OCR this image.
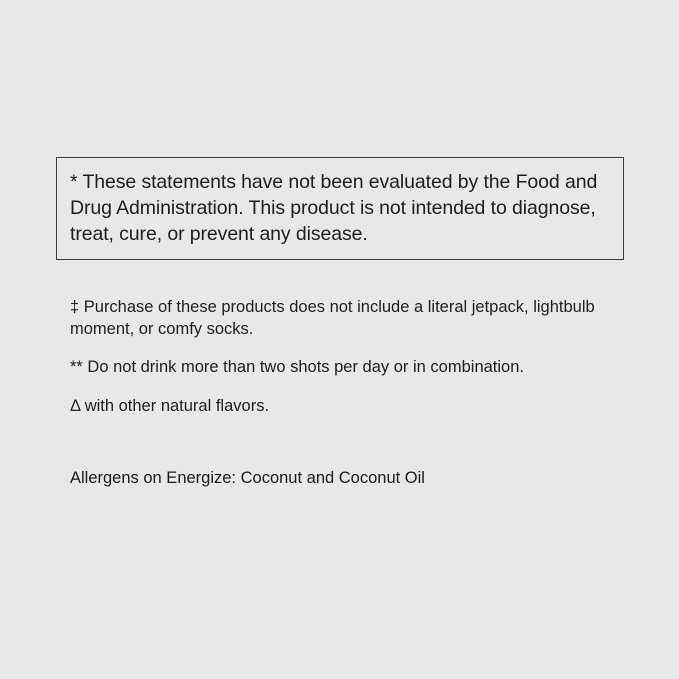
* These statements have not been evaluated by the Food and Drug Administration. This product is not intended to diagnose, treat, cure, or prevent any disease.

‡ Purchase of these products does not include a literal jetpack, lightbulb moment, or comfy socks.

** Do not drink more than two shots per day or in combination.

Δ with other natural flavors.

Allergens on Energize: Coconut and Coconut Oil
